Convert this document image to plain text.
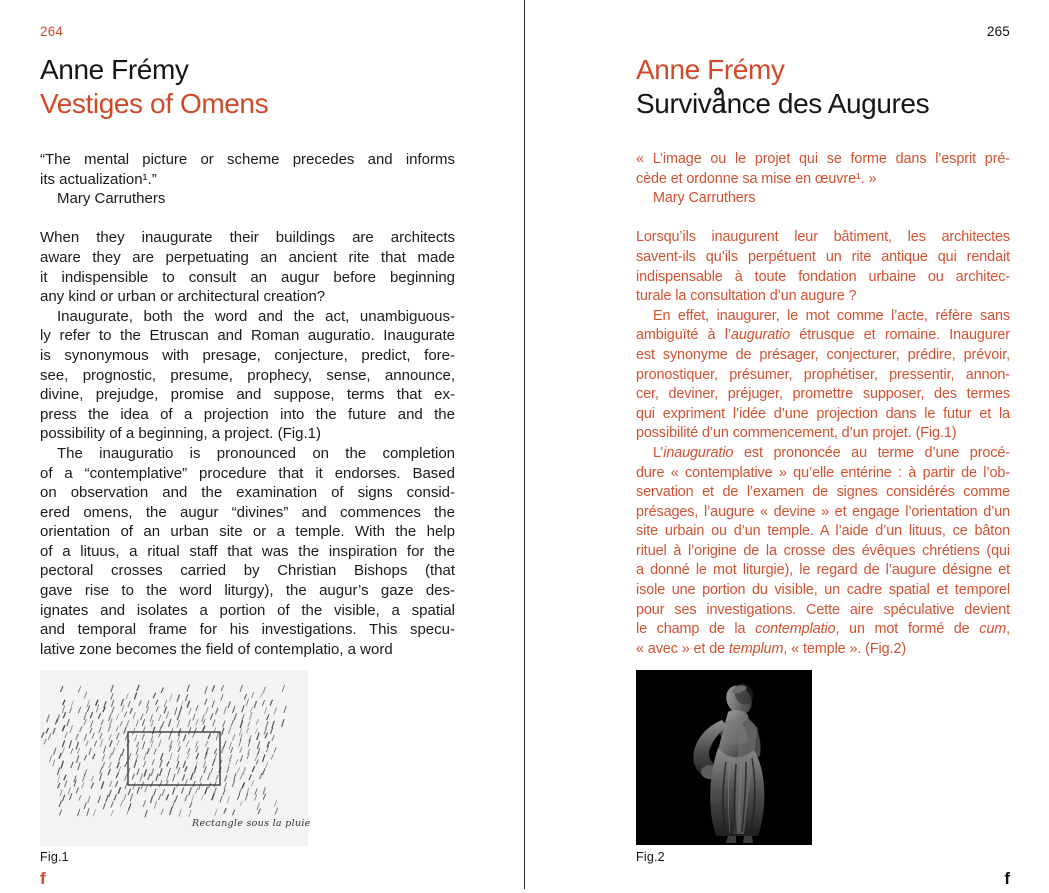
264
Anne Frémy
Vestiges of Omens
“The mental picture or scheme precedes and informs
its actualization¹.”
Mary Carruthers
When they inaugurate their buildings are architects
aware they are perpetuating an ancient rite that made
it indispensible to consult an augur before beginning
any kind or urban or architectural creation?
Inaugurate, both the word and the act, unambiguous-
ly refer to the Etruscan and Roman auguratio. Inaugurate
is synonymous with presage, conjecture, predict, fore-
see, prognostic, presume, prophecy, sense, announce,
divine, prejudge, promise and suppose, terms that ex-
press the idea of a projection into the future and the
possibility of a beginning, a project. (Fig.1)
The inauguratio is pronounced on the completion
of a “contemplative” procedure that it endorses. Based
on observation and the examination of signs consid-
ered omens, the augur “divines” and commences the
orientation of an urban site or a temple. With the help
of a lituus, a ritual staff that was the inspiration for the
pectoral crosses carried by Christian Bishops (that
gave rise to the word liturgy), the augur’s gaze des-
ignates and isolates a portion of the visible, a spatial
and temporal frame for his investigations. This specu-
lative zone becomes the field of contemplatio, a word
Rectangle sous la pluie
Fig.1
f
265
Anne Frémy
Surviv
ance des Augures
« L’image ou le projet qui se forme dans l’esprit pré-
cède et ordonne sa mise en œuvre¹. »
Mary Carruthers
Lorsqu’ils inaugurent leur bâtiment, les architectes
savent-ils qu’ils perpétuent un rite antique qui rendait
indispensable à toute fondation urbaine ou architec-
turale la consultation d’un augure ?
En effet, inaugurer, le mot comme l’acte, réfère sans
ambiguïté à l’auguratio étrusque et romaine. Inaugurer
est synonyme de présager, conjecturer, prédire, prévoir,
pronostiquer, présumer, prophétiser, pressentir, annon-
cer, deviner, préjuger, promettre supposer, des termes
qui expriment l’idée d’une projection dans le futur et la
possibilité d’un commencement, d’un projet. (Fig.1)
L’inauguratio est prononcée au terme d’une procé-
dure « contemplative » qu’elle entérine : à partir de l’ob-
servation et de l’examen de signes considérés comme
présages, l’augure « devine » et engage l’orientation d’un
site urbain ou d’un temple. A l’aide d’un lituus, ce bâton
rituel à l’origine de la crosse des évêques chrétiens (qui
a donné le mot liturgie), le regard de l’augure désigne et
isole une portion du visible, un cadre spatial et temporel
pour ses investigations. Cette aire spéculative devient
le champ de la contemplatio, un mot formé de cum,
« avec » et de templum, « temple ». (Fig.2)
Fig.2
f
